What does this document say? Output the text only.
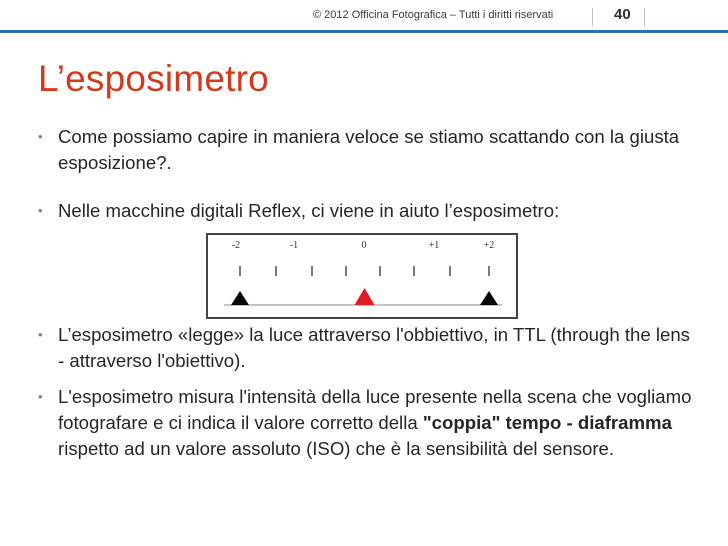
© 2012 Officina Fotografica – Tutti i diritti riservati	40
L’esposimetro
• Come possiamo capire in maniera veloce se stiamo scattando con la giusta esposizione?.
• Nelle macchine digitali Reflex, ci viene in aiuto l’esposimetro:
• L’esposimetro «legge» la luce attraverso l'obbiettivo, in TTL (through the lens - attraverso l'obiettivo).
• L'esposimetro misura l'intensità della luce presente nella scena che vogliamo fotografare e ci indica il valore corretto della "coppia" tempo - diaframma rispetto ad un valore assoluto (ISO) che è la sensibilità del sensore.
-2	-1	0	+1	+2
